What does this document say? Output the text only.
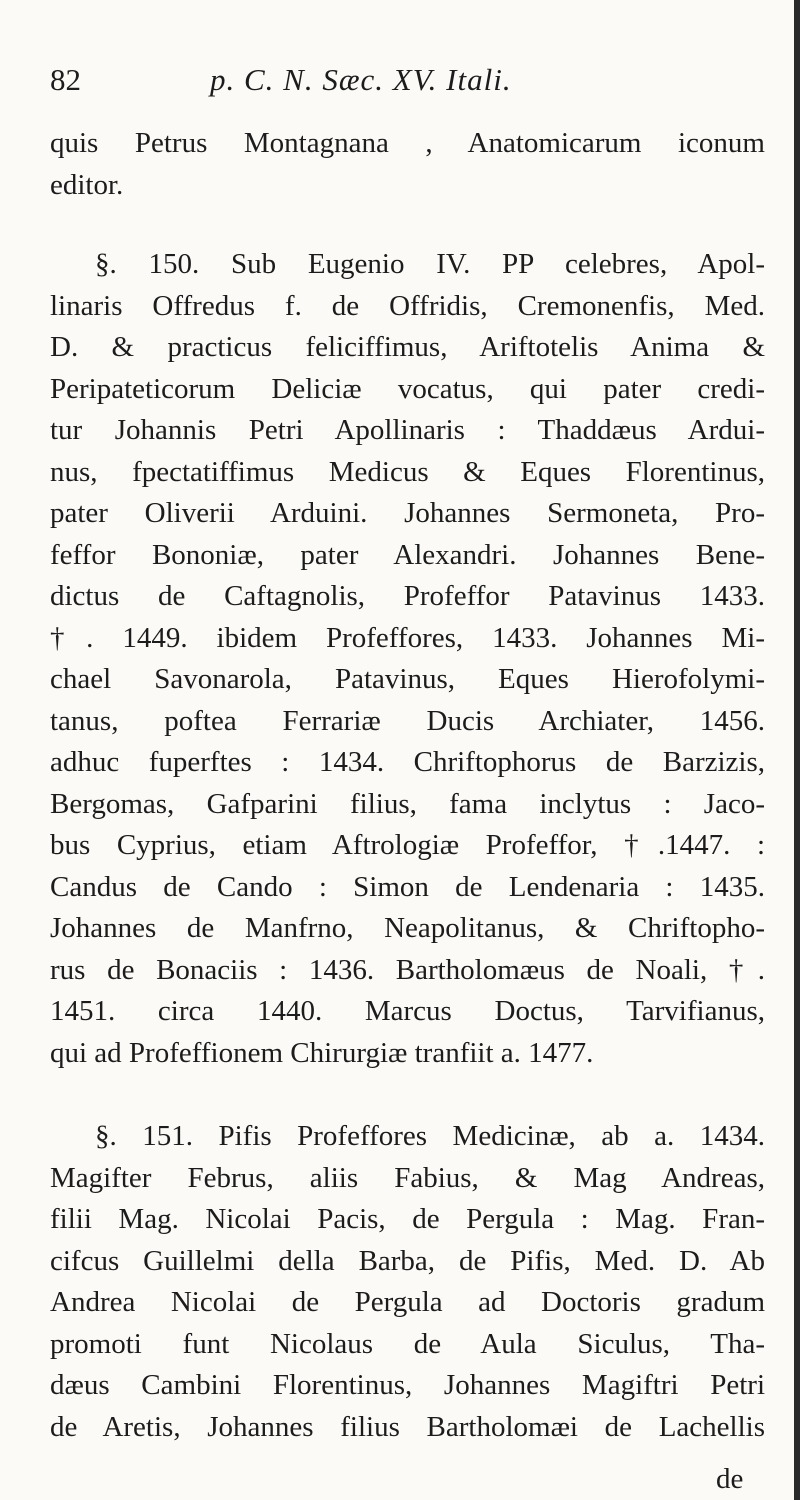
82	p. C. N. Sæc. XV. Itali.
quis Petrus Montagnana , Anatomicarum iconum
editor.
§. 150. Sub Eugenio IV. PP celebres, Apol-
linaris Offredus f. de Offridis, Cremonenfis, Med.
D. & practicus feliciffimus, Ariftotelis Anima &
Peripateticorum Deliciæ vocatus, qui pater credi-
tur Johannis Petri Apollinaris : Thaddæus Ardui-
nus, fpectatiffimus Medicus & Eques Florentinus,
pater Oliverii Arduini. Johannes Sermoneta, Pro-
feffor Bononiæ, pater Alexandri. Johannes Bene-
dictus de Caftagnolis, Profeffor Patavinus 1433.
†. 1449. ibidem Profeffores, 1433. Johannes Mi-
chael Savonarola, Patavinus, Eques Hierofolymi-
tanus, poftea Ferrariæ Ducis Archiater, 1456.
adhuc fuperftes : 1434. Chriftophorus de Barzizis,
Bergomas, Gafparini filius, fama inclytus : Jaco-
bus Cyprius, etiam Aftrologiæ Profeffor, †.1447. :
Candus de Cando : Simon de Lendenaria : 1435.
Johannes de Manfrno, Neapolitanus, & Chriftopho-
rus de Bonaciis : 1436. Bartholomæus de Noali, †.
1451. circa 1440. Marcus Doctus, Tarvifianus,
qui ad Profeffionem Chirurgiæ tranfiit a. 1477.
§. 151. Pifis Profeffores Medicinæ, ab a. 1434.
Magifter Februs, aliis Fabius, & Mag Andreas,
filii Mag. Nicolai Pacis, de Pergula : Mag. Fran-
cifcus Guillelmi della Barba, de Pifis, Med. D. Ab
Andrea Nicolai de Pergula ad Doctoris gradum
promoti funt Nicolaus de Aula Siculus, Tha-
dæus Cambini Florentinus, Johannes Magiftri Petri
de Aretis, Johannes filius Bartholomæi de Lachellis
de
